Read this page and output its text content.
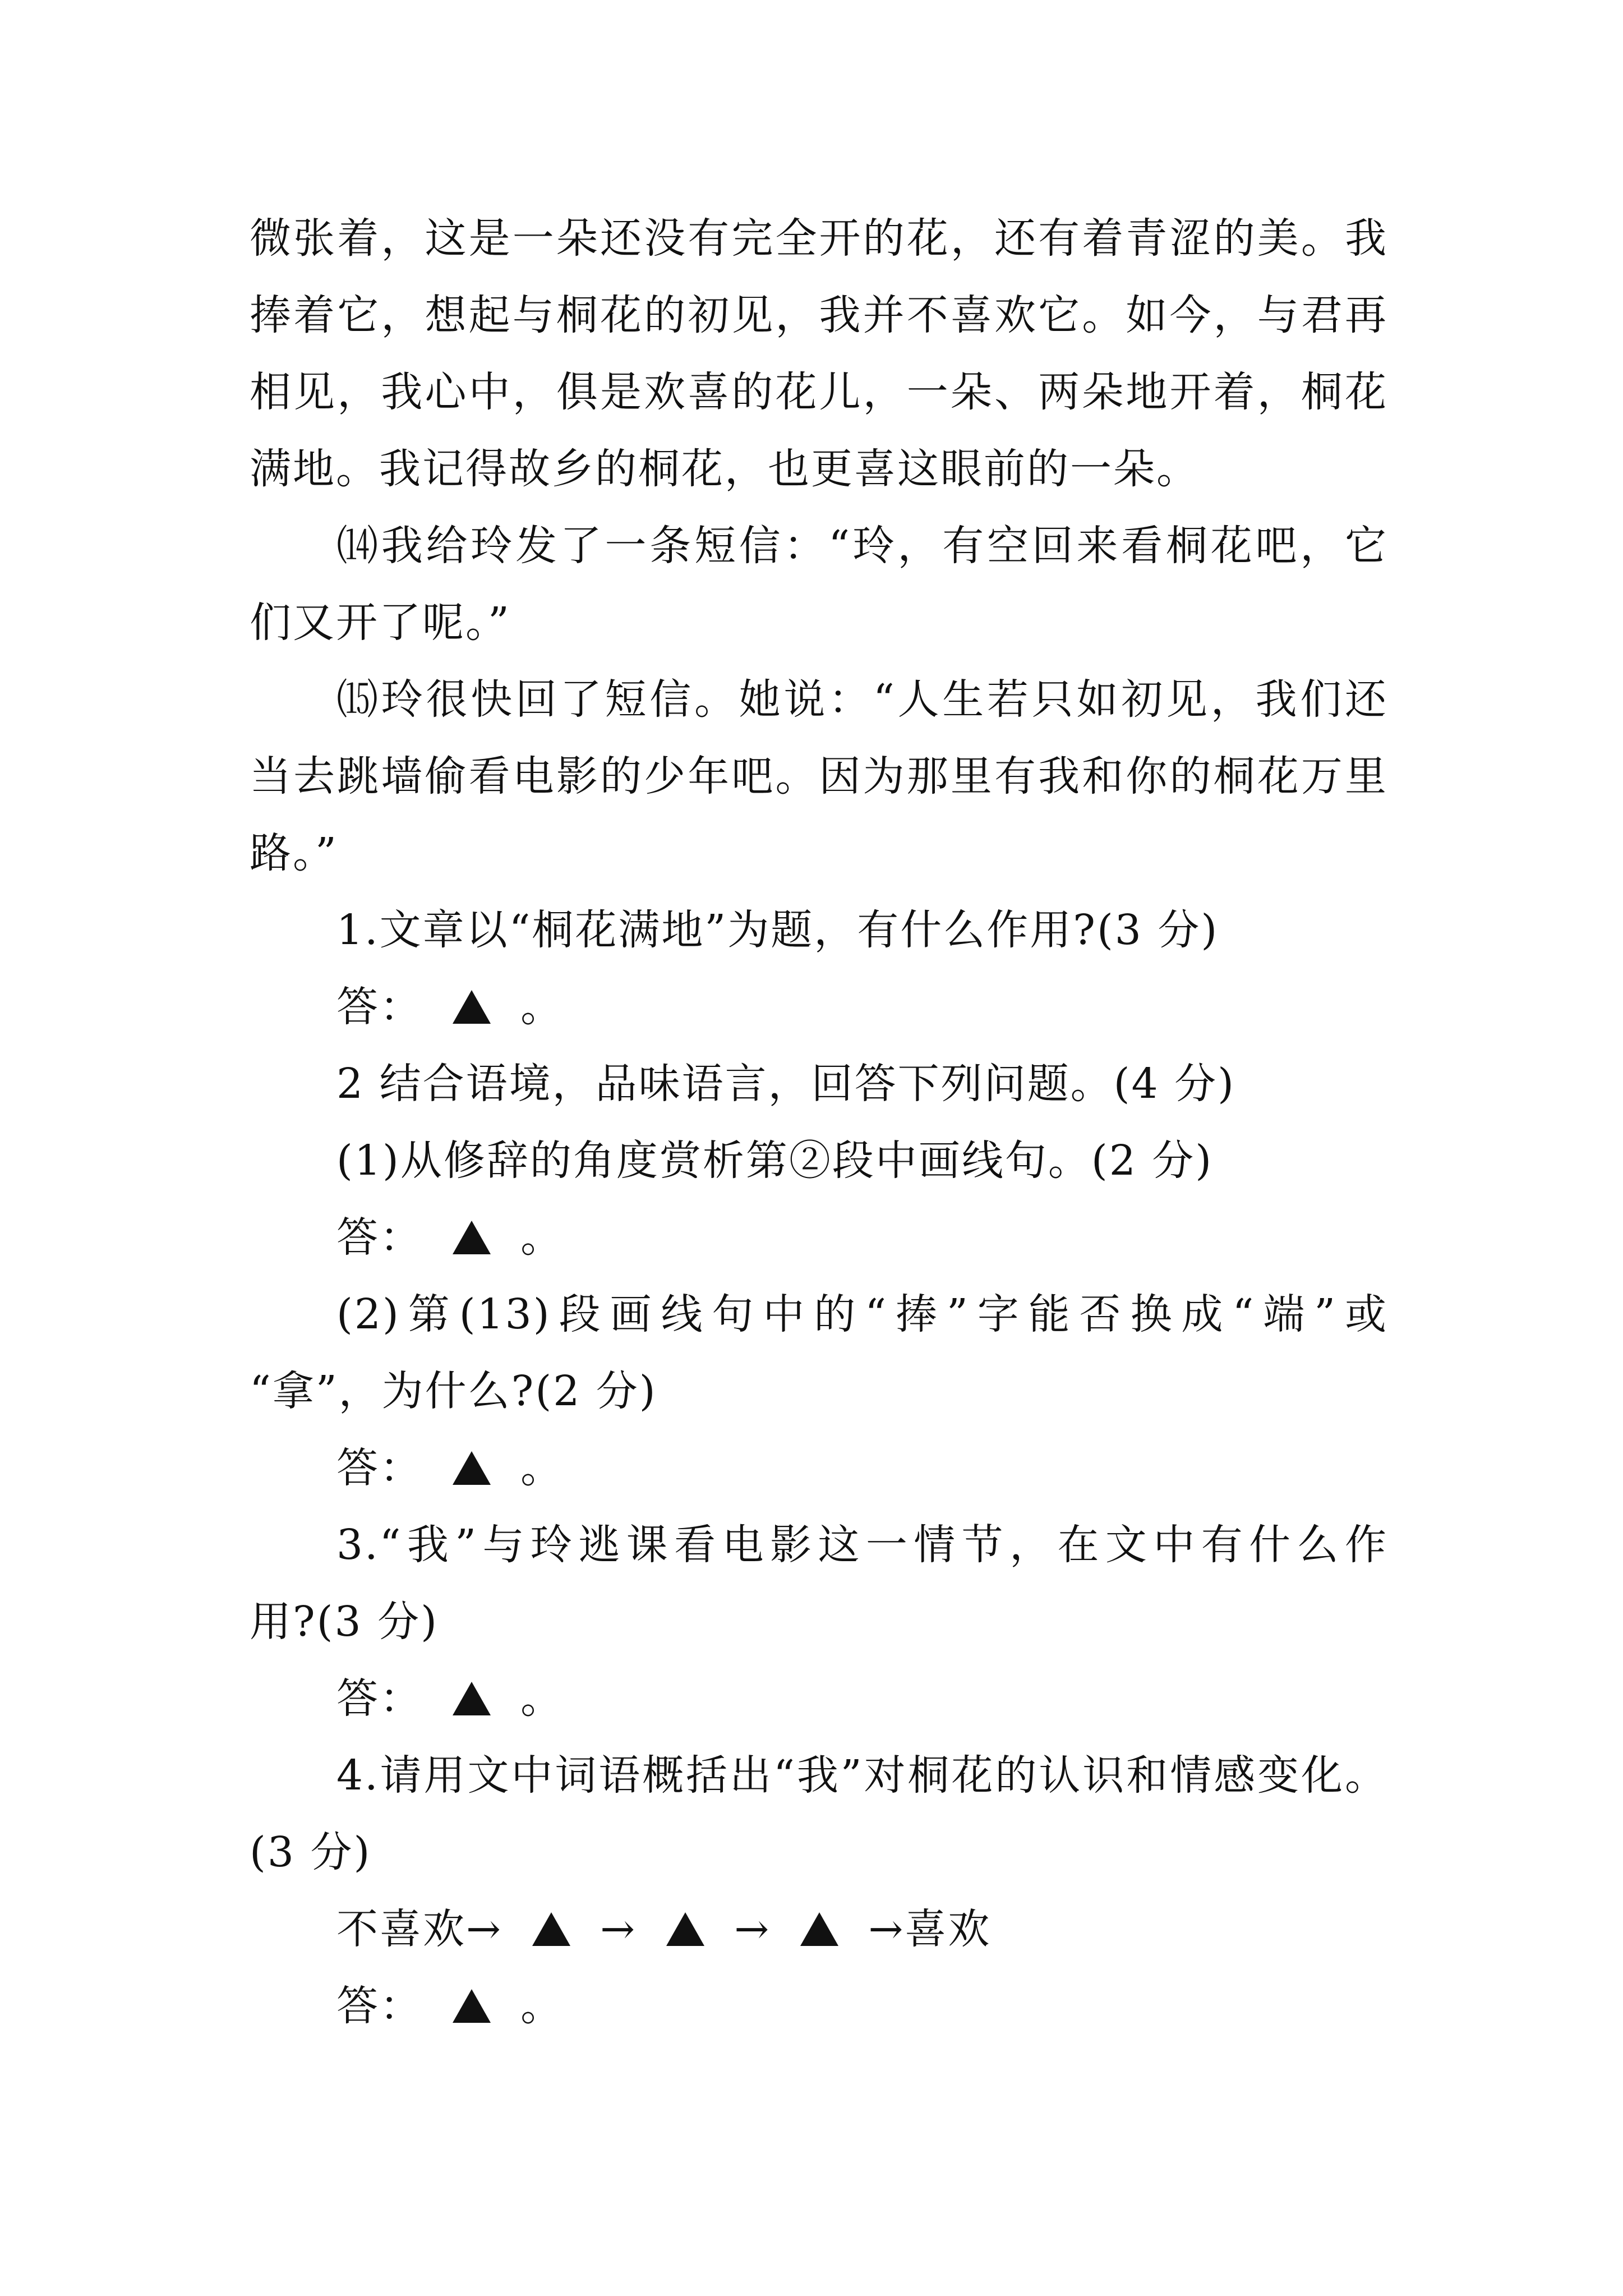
微张着，这是一朵还没有完全开的花，还有着青涩的美。我
捧着它，想起与桐花的初见，我并不喜欢它。如今，与君再
相见，我心中，俱是欢喜的花儿，一朵、两朵地开着，桐花
满地。我记得故乡的桐花，也更喜这眼前的一朵。
⒁我给玲发了一条短信：“玲，有空回来看桐花吧，它
们又开了呢。”
⒂玲很快回了短信。她说：“人生若只如初见，我们还
当去跳墙偷看电影的少年吧。因为那里有我和你的桐花万里
路。”
1.文章以“桐花满地”为题，有什么作用?(3 分)
答：

。
2 结合语境，品味语言，回答下列问题。(4 分)
(1)从修辞的角度赏析第②段中画线句。(2 分)
答：

。
(2)第(13)段画线句中的“捧”字能否换成“端”或
“拿”，为什么?(2 分)
答：

。
3.“我”与玲逃课看电影这一情节，在文中有什么作
用?(3 分)
答：

。
4.请用文中词语概括出“我”对桐花的认识和情感变化。
(3 分)
不喜欢→

→

→

→喜欢
答：

。
